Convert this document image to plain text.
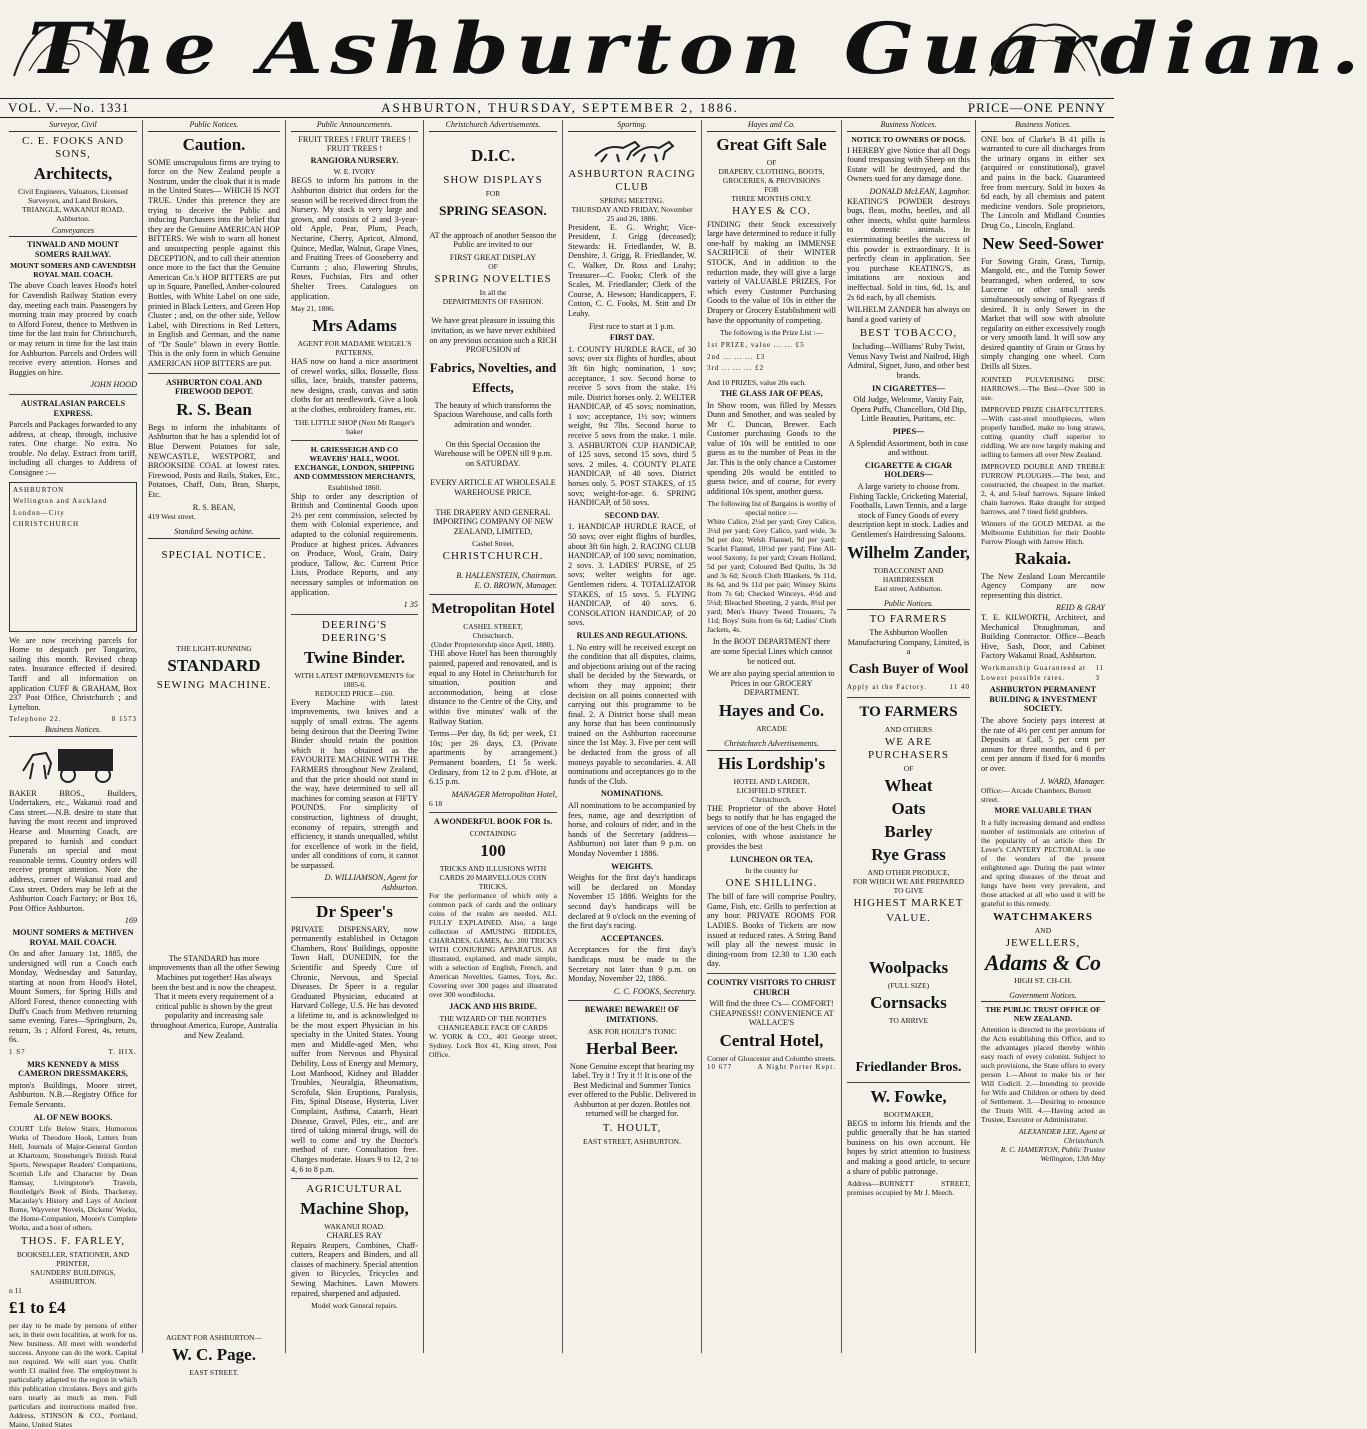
The Ashburton Guardian.
VOL. V.—No. 1331	ASHBURTON, THURSDAY, SEPTEMBER 2, 1886.	PRICE—ONE PENNY
Surveyor, Civil
C. E. FOOKS AND SONS,
Architects,

Civil Engineers, Valuators, Licensed Surveyors, and Land Brokers, TRIANGLE, WAKANUI ROAD, Ashburton.

Conveyances
TINWALD AND MOUNT SOMERS RAILWAY.
MOUNT SOMERS AND CAVENDISH ROYAL MAIL COACH.

The above Coach leaves Hood's hotel for Cavendish Railway Station every day, meeting each train. Passengers by morning train may proceed by coach to Alford Forest, thence to Methven in time for the last train for Christchurch, or may return in time for the last train for Ashburton. Parcels and Orders will receive every attention. Horses and Buggies on hire.

JOHN HOOD
AUSTRALASIAN PARCELS EXPRESS.

Parcels and Packages forwarded to any address, at cheap, through, inclusive rates. One charge. No extra. No trouble. No delay. Extract from tariff, including all charges to Address of Consignee :—

ASHBURTON
Wellington and Auckland
London—City
CHRISTCHURCH

We are now receiving parcels for Home to despatch per Tongariro, sailing this month. Revised cheap rates. Insurance effected if desired. Tariff and all information on application CUFF & GRAHAM, Box 237 Post Office, Christchurch ; and Lyttelton.

Telephone 22.	8 1573
Business Notices.

BAKER BROS., Builders, Undertakers, etc., Wakanui road and Cass street.—N.B. desire to state that having the most recent and improved Hearse and Mourning Coach, are prepared to furnish and conduct Funerals on special and most reasonable terms. Country orders will receive prompt attention. Note the address, corner of Wakanui road and Cass street. Orders may be left at the Ashburton Coach Factory; or Box 16, Post Office Ashburton.

169
MOUNT SOMERS & METHVEN ROYAL MAIL COACH.

On and after January 1st, 1885, the undersigned will run a Coach each Monday, Wednesday and Saturday, starting at noon from Hood's Hotel, Mount Somers, for Spring Hills and Alford Forest, thence connecting with Duff's Coach from Methven returning same evening. Fares—Springburn, 2s, return, 3s ; Alford Forest, 4s, return, 6s.

1 S7	T. HIX.
MRS KENNEDY & MISS CAMERON DRESSMAKERS,

mpton's Buildings, Moore street, Ashburton. N.B.—Registry Office for Female Servants.

AL OF NEW BOOKS.

COURT Life Below Stairs, Humorous Works of Theodore Hook, Letters from Hell, Journals of Major-General Gordon at Khartoum, Stonehenge's British Rural Sports, Newspaper Readers' Companions, Scottish Life and Character by Dean Ramsay, Livingstone's Travels, Routledge's Book of Birds, Thackeray, Macaulay's History and Lays of Ancient Rome, Wayverer Novels, Dickens' Works, the Home-Companion, Moore's Complete Works, and a host of others.

THOS. F. FARLEY,
BOOKSELLER, STATIONER, AND PRINTER,
SAUNDERS' BUILDINGS, ASHBURTON.
n 11
£1 to £4

per day to be made by persons of either sex, in their own localities, at work for us. New business. All meet with wonderful success. Anyone can do the work. Capital not required. We will start you. Outfit worth £1 mailed free. The employment is particularly adapted to the region in which this publication circulates. Boys and girls earn nearly as much as men. Full particulars and instructions mailed free. Address, STINSON & CO., Portland, Maine, United States

Public Notices.
Caution.

SOME unscrupulous firms are trying to force on the New Zealand people a Nostrum, under the cloak that it is made in the United States— WHICH IS NOT TRUE. Under this pretence they are trying to deceive the Public and inducing Purchasers into the belief that they are the Genuine AMERICAN HOP BITTERS. We wish to warn all honest and unsuspecting people against this DECEPTION, and to call their attention once more to the fact that the Genuine American Co.'s HOP BITTERS are put up in Square, Panelled, Amber-coloured Bottles, with White Label on one side, printed in Black Letters, and Green Hop Cluster ; and, on the other side, Yellow Label, with Directions in Red Letters, in English and German, and the name of "Dr Soule" blown in every Bottle. This is the only form in which Genuine AMERICAN HOP BITTERS are put.

ASHBURTON COAL AND FIREWOOD DEPOT.
R. S. Bean

Begs to inform the inhabitants of Ashburton that he has a splendid lot of Blue Derwent Potatoes for sale, NEWCASTLE, WESTPORT, and BROOKSIDE COAL at lowest rates. Firewood, Posts and Rails, Stakes, Etc., Potatoes, Chaff, Oats, Bran, Sharps, Etc.

R. S. BEAN,
419 West street.
Standard Sewing achine.
SPECIAL NOTICE.
THE LIGHT-RUNNING
STANDARD
SEWING MACHINE.

The STANDARD has more improvements than all the other Sewing Machines put together! Has always been the best and is now the cheapest. That it meets every requirement of a critical public is shown by the great popularity and increasing sale throughout America, Europe, Australia and New Zealand.

AGENT FOR ASHBURTON—
W. C. Page.
EAST STREET.
Public Announcements.
FRUIT TREES ! FRUIT TREES ! FRUIT TREES !
RANGIORA NURSERY.
W. E. IVORY

BEGS to inform his patrons in the Ashburton district that orders for the season will be received direct from the Nursery. My stock is very large and grown, and consists of 2 and 3-year-old Apple, Pear, Plum, Peach, Nectarine, Cherry, Apricot, Almond, Quince, Medlar, Walnut, Grape Vines, and Fruiting Trees of Gooseberry and Currants ; also, Flowering Shrubs, Roses, Fuchsias, Firs and other Shelter Trees. Catalogues on application.

May 21, 1886.
Mrs Adams
AGENT FOR MADAME WEIGEL'S PATTERNS,

HAS now on hand a nice assortment of crewel works, silks, flosselle, floss silks, lace, braids, transfer patterns, new designs, crash, canvas and satin cloths for art needlework. Give a look at the clothes, embroidery frames, etc.

THE LITTLE SHOP (Next Mr Ranger's baker
H. GRIESSEIGH AND CO WEAVERS' HALL, WOOL EXCHANGE, LONDON, SHIPPING AND COMMISSION MERCHANTS,
Established 1860.

Ship to order any description of British and Continental Goods upon 2½ per cent commission, selected by them with Colonial experience, and adapted to the colonial requirements. Produce at highest prices. Advances on Produce, Wool, Grain, Dairy produce, Tallow, &c. Current Price Lists, Produce Reports, and any necessary samples or information on application.

1 35
DEERING'S DEERING'S
Twine Binder.
WITH LATEST IMPROVEMENTS for 1885-6.
REDUCED PRICE—£60.

Every Machine with latest improvements, two knives and a supply of small extras. The agents being desirous that the Deering Twine Binder should retain the position which it has obtained as the FAVOURITE MACHINE WITH THE FARMERS throughout New Zealand, and that the price should not stand in the way, have determined to sell all machines for coming season at FIFTY POUNDS. For simplicity of construction, lightness of draught, economy of repairs, strength and efficiency, it stands unequalled, whilst for excellence of work in the field, under all conditions of corn, it cannot be surpassed.

D. WILLIAMSON, Agent for Ashburton.
Dr Speer's

PRIVATE DISPENSARY, now permanently established in Octagon Chambers, Ross' Buildings, opposite Town Hall, DUNEDIN, for the Scientific and Speedy Cure of Chronic, Nervous, and Special Diseases. Dr Speer is a regular Graduated Physician, educated at Harvard College, U.S. He has devoted a lifetime to, and is acknowledged to be the most expert Physician in his specialty in the United States. Young men and Middle-aged Men, who suffer from Nervous and Physical Debility, Loss of Energy and Memory, Lost Manhood, Kidney and Bladder Troubles, Neuralgia, Rheumatism, Scrofula, Skin Eruptions, Paralysis, Fits, Spinal Disease, Hysteria, Liver Complaint, Asthma, Catarrh, Heart Disease, Gravel, Piles, etc., and are tired of taking mineral drugs, will do well to come and try the Doctor's method of cure. Consultation free. Charges moderate. Hours 9 to 12, 2 to 4, 6 to 8 p.m.

AGRICULTURAL
Machine Shop,
WAKANUI ROAD.
CHARLES RAY

Repairs Reapers, Combines, Chaff-cutters, Reapers and Binders, and all classes of machinery. Special attention given to Bicycles, Tricycles and Sewing Machines. Lawn Mowers repaired, sharpened and adjusted.

Model work General repairs.
Christchurch Advertisements.
D.I.C.
SHOW DISPLAYS
FOR
SPRING SEASON.

AT the approach of another Season the Public are invited to our

FIRST GREAT DISPLAY
OF
SPRING NOVELTIES
In all the
DEPARTMENTS OF FASHION.

We have great pleasure in issuing this invitation, as we have never exhibited on any previous occasion such a RICH PROFUSION of

Fabrics, Novelties, and Effects,

The beauty of which transforms the Spacious Warehouse, and calls forth admiration and wonder.

On this Special Occasion the Warehouse will be OPEN till 9 p.m. on SATURDAY.

EVERY ARTICLE AT WHOLESALE WAREHOUSE PRICE.

THE DRAPERY AND GENERAL IMPORTING COMPANY OF NEW ZEALAND, LIMITED,

Cashel Street,
CHRISTCHURCH.
B. HALLENSTEIN, Chairman.
E. O. BROWN, Manager.
Metropolitan Hotel
CASHEL STREET,
Christchurch.
(Under Proprietorship since April, 1880).

THE above Hotel has been thoroughly painted, papered and renovated, and is equal to any Hotel in Christchurch for situation, position and accommodation, being at close distance to the Centre of the City, and within five minutes' walk of the Railway Station.

Terms—Per day, 8s 6d; per week, £1 10s; per 26 days, £3. (Private apartments by arrangement.) Permanent boarders, £1 5s week. Ordinary, from 12 to 2 p.m. d'Hote, at 6.15 p.m.

MANAGER Metropolitan Hotel,
6 18
A WONDERFUL BOOK FOR 1s.
CONTAINING
100
TRICKS AND ILLUSIONS WITH CARDS 20 MARVELLOUS COIN TRICKS,

For the performance of which only a common pack of cards and the ordinary coins of the realm are needed. ALL FULLY EXPLAINED. Also, a large collection of AMUSING RIDDLES, CHARADES, GAMES, &c. 200 TRICKS WITH CONJURING APPARATUS. All illustrated, explained, and made simple, with a selection of English, French, and American Novelties, Games, Toys, &c. Covering over 300 pages and illustrated over 300 woodblocks.

JACK AND HIS BRIDE.
THE WIZARD OF THE NORTH'S CHANGEABLE FACE OF CARDS

W. YORK & CO., 401 George street, Sydney. Lock Box 41, King street, Post Office.

Sporting.
ASHBURTON RACING CLUB
SPRING MEETING.
THURSDAY AND FRIDAY, November 25 and 26, 1886.

President, E. G. Wright; Vice-President, J. Grigg (deceased); Stewards: H. Friedlander, W. B. Denshire, J. Grigg, R. Friedlander, W. C. Walker, Dr. Ross and Leahy; Treasurer—C. Fooks; Clerk of the Scales, M. Friedlander; Clerk of the Course, A. Hewson; Handicappers, F. Cotton, C. C. Fooks, M. Stitt and Dr Leahy.

First race to start at 1 p.m.
FIRST DAY.

1. COUNTY HURDLE RACE, of 30 sovs; over six flights of hurdles, about 3ft 6in high; nomination, 1 sov; acceptance, 1 sov. Second horse to receive 5 sovs from the stake. 1½ mile. District horses only. 2. WELTER HANDICAP, of 45 sovs; nomination, 1 sov; acceptance, 1½ sov; winners weight, 9st 7lbs. Second horse to receive 5 sovs from the stake. 1 mile. 3. ASHBURTON CUP HANDICAP, of 125 sovs, second 15 sovs, third 5 sovs. 2 miles. 4. COUNTY PLATE HANDICAP, of 40 sovs. District horses only. 5. POST STAKES, of 15 sovs; weight-for-age. 6. SPRING HANDICAP, of 50 sovs.

SECOND DAY.

1. HANDICAP HURDLE RACE, of 50 sovs; over eight flights of hurdles, about 3ft 6in high. 2. RACING CLUB HANDICAP, of 100 sovs; nomination, 2 sovs. 3. LADIES' PURSE, of 25 sovs; welter weights for age. Gentlemen riders. 4. TOTALIZATOR STAKES, of 15 sovs. 5. FLYING HANDICAP, of 40 sovs. 6. CONSOLATION HANDICAP, of 20 sovs.

RULES AND REGULATIONS.

1. No entry will be received except on the condition that all disputes, claims, and objections arising out of the racing shall be decided by the Stewards, or whom they may appoint; their decision on all points connected with carrying out this programme to be final. 2. A District horse shall mean any horse that has been continuously trained on the Ashburton racecourse since the 1st May. 3. Five per cent will be deducted from the gross of all moneys payable to secondaries. 4. All nominations and acceptances go to the funds of the Club.

NOMINATIONS.

All nominations to be accompanied by fees, name, age and description of horse, and colours of rider, and in the hands of the Secretary (address—Ashburton) not later than 9 p.m. on Monday November 1 1886.

WEIGHTS.

Weights for the first day's handicaps will be declared on Monday November 15 1886. Weights for the second day's handicaps will be declared at 9 o'clock on the evening of the first day's racing.

ACCEPTANCES.

Acceptances for the first day's handicaps must be made to the Secretary not later than 9 p.m. on Monday, November 22, 1886.

C. C. FOOKS, Secretary.
BEWARE! BEWARE!! OF IMITATIONS.
ASK FOR HOULT'S TONIC
Herbal Beer.

None Genuine except that bearing my label. Try it ! Try it !! It is one of the Best Medicinal and Summer Tonics ever offered to the Public. Delivered in Ashburton at per dozen. Bottles not returned will be charged for.

T. HOULT,
EAST STREET, ASHBURTON.
Hayes and Co.
Great Gift Sale
OF
DRAPERY, CLOTHING, BOOTS, GROCERIES, & PROVISIONS
FOR
THREE MONTHS ONLY.
HAYES & CO.

FINDING their Stock excessively large have determined to reduce it fully one-half by making an IMMENSE SACRIFICE of their WINTER STOCK, And in addition to the reduction made, they will give a large variety of VALUABLE PRIZES, For which every Customer Purchasing Goods to the value of 10s in either the Drapery or Grocery Establishment will have the opportunity of competing.

The following is the Prize List :—
1st PRIZE, value ... ... £5
2nd ... ... ... £3
3rd ... ... ... £2
And 10 PRIZES, value 20s each.
THE GLASS JAR OF PEAS,

In Show room, was filled by Messrs Dunn and Smother, and was sealed by Mr C. Duncan, Brewer. Each Customer purchasing Goods to the value of 10s will be entitled to one guess as to the number of Peas in the Jar. This is the only chance a Customer spending 20s would be entitled to guess twice, and of course, for every additional 10s spent, another guess.

The following list of Bargains is worthy of special notice :—

White Calico, 2½d per yard; Grey Calico, 3½d per yard; Grey Calico, yard wide, 3s 9d per doz; Welsh Flannel, 9d per yard; Scarlet Flannel, 10½d per yard; Fine All-wool Saxony, 1s per yard; Cream Holland, 5d per yard; Coloured Bed Quilts, 3s 3d and 3s 6d; Scotch Cloth Blankets, 9s 11d, 8s 6d, and 9s 11d per pair; Winsey Skirts from 7s 6d; Checked Winceys, 4½d and 5½d; Bleached Sheeting, 2 yards, 8½d per yard; Men's Heavy Tweed Trousers, 7s 11d; Boys' Suits from 6s 6d; Ladies' Cloth Jackets, 4s.

In the BOOT DEPARTMENT there are some Special Lines which cannot be noticed out.

We are also paying special attention to Prices in our GROCERY DEPARTMENT.

Hayes and Co.
ARCADE
Christchurch Advertisements.
His Lordship's
HOTEL AND LARDER,
LICHFIELD STREET.
Christchurch.

THE Proprietor of the above Hotel begs to notify that he has engaged the services of one of the best Chefs in the colonies, with whose assistance he provides the best

LUNCHEON OR TEA,
In the country for
ONE SHILLING.

The bill of fare will comprise Poultry, Game, Fish, etc. Grills to perfection at any hour. PRIVATE ROOMS FOR LADIES. Books of Tickets are now issued at reduced rates. A String Band will play all the newest music in dining-room from 12.30 to 1.30 each day.

COUNTRY VISITORS TO CHRIST CHURCH

Will find the three C's— COMFORT! CHEAPNESS!! CONVENIENCE AT WALLACE'S

Central Hotel,
Corner of Gloucester and Colombo streets.
10 677	A Night Porter Kept.
Business Notices.
NOTICE TO OWNERS OF DOGS.

I HEREBY give Notice that all Dogs found trespassing with Sheep on this Estate will be destroyed, and the Owners sued for any damage done.

DONALD McLEAN, Lagmhor.

KEATING'S POWDER destroys bugs, fleas, moths, beetles, and all other insects, whilst quite harmless to domestic animals. In exterminating beetles the success of this powder is extraordinary. It is perfectly clean in application. See you purchase KEATING'S, as imitations are noxious and ineffectual. Sold in tins, 6d, 1s, and 2s 6d each, by all chemists.

WILHELM ZANDER has always on hand a good variety of

BEST TOBACCO,

Including—Williams' Ruby Twist, Venus Navy Twist and Nailrod, High Admiral, Signet, Juno, and other best brands.

IN CIGARETTES—

Old Judge, Welcome, Vanity Fair, Opera Puffs, Chancellors, Old Dip, Little Beauties, Puritans, etc.

PIPES—

A Splendid Assortment, both in case and without.

CIGARETTE & CIGAR HOLDERS—

A large variety to choose from. Fishing Tackle, Cricketing Material, Footballs, Lawn Tennis, and a large stock of Fancy Goods of every description kept in stock. Ladies and Gentlemen's Hairdressing Saloons.

Wilhelm Zander,
TOBACCONIST AND HAIRDRESSER
East street, Ashburton.
Public Notices.
TO FARMERS

The Ashburton Woollen Manufacturing Company, Limited, is a

Cash Buyer of Wool
Apply at the Factory.	11 40
TO FARMERS
AND OTHERS
WE ARE PURCHASERS
OF
Wheat
Oats
Barley
Rye Grass
AND OTHER PRODUCE,
FOR WHICH WE ARE PREPARED
TO GIVE
HIGHEST MARKET
VALUE.
Woolpacks
(FULL SIZE)
Cornsacks
TO ARRIVE
Friedlander Bros.
W. Fowke,
BOOTMAKER,

BEGS to inform his friends and the public generally that he has started business on his own account. He hopes by strict attention to business and making a good article, to secure a share of public patronage.

Address—BURNETT STREET, premises occupied by Mr J. Meech.

Business Notices.

ONE box of Clarke's B 41 pills is warranted to cure all discharges from the urinary organs in either sex (acquired or constitutional), gravel and pains in the back. Guaranteed free from mercury. Sold in boxes 4s 6d each, by all chemists and patent medicine vendors. Sole proprietors, The Lincoln and Midland Counties Drug Co., Lincoln, England.

New Seed-Sower

For Sowing Grain, Grass, Turnip, Mangold, etc., and the Turnip Sower bearranged, when ordered, to sow Lucerne or other small seeds simultaneously sowing of Ryegrass if desired. It is only Sower in the Market that will sow with absolute regularity on either excessively rough or very smooth land. It will sow any desired quantity of Grain or Grass by simply changing one wheel. Corn Drills all Sizes.

JOINTED PULVERISING DISC HARROWS.—The Best—Over 500 in use.

IMPROVED PRIZE CHAFFCUTTERS.—With cast-steel mouthpieces, when properly handled, make no long straws, cutting quantity chaff superior to riddling. We are now largely making and selling to farmers all over New Zealand.

IMPROVED DOUBLE AND TREBLE FURROW PLOUGHS.—The best, and constructed, the cheapest in the market. 2, 4, and 5-leaf harrows. Square linked chain harrows. Rake draught for striped harrows, and 7 tined field grubbers.

Winners of the GOLD MEDAL at the Melbourne Exhibition for their Double Furrow Plough with Jarrow Hitch.

Rakaia.

The New Zealand Loan Mercantile Agency Company are now representing this district.

REID & GRAY

T. E. KILWORTH, Architect, and Mechanical Draughtsman, and Building Contractor. Office—Beach Hive, Sash, Door, and Cabinet Factory Wakanui Road, Ashburton.

Workmanship Guaranteed at Lowest possible rates.
11 3
ASHBURTON PERMANENT BUILDING & INVESTMENT SOCIETY.

The above Society pays interest at the rate of 4½ per cent per annum for Deposits at Call, 5 per cent per annum for three months, and 6 per cent per annum if fixed for 6 months or over.

J. WARD, Manager.
Office:— Arcade Chambers, Burnett street.
MORE VALUABLE THAN

It a fully increasing demand and endless number of testimonials are criterion of the popularity of an article then Dr Lever's CANTERY PECTORAL is one of the wonders of the present enlightened age. During the past winter and spring diseases of the throat and lungs have been very prevalent, and those attacked at all who used it will be grateful to this remedy.

WATCHMAKERS
AND
JEWELLERS,
Adams & Co
HIGH ST. CH-CH.
Government Notices.
THE PUBLIC TRUST OFFICE OF NEW ZEALAND.

Attention is directed to the provisions of the Acts establishing this Office, and to the advantages placed thereby within easy reach of every colonist. Subject to such provisions, the State offers to every person 1.—About to make his or her Will Codicil. 2.—Intending to provide for Wife and Children or others by deed of Settlement. 3.—Desiring to renounce the Trusts Will. 4.—Having acted as Trustee, Executor or Administrator.

ALEXANDER LEE, Agent at Christchurch.
R. C. HAMERTON, Public Trustee
Wellington, 13th May
